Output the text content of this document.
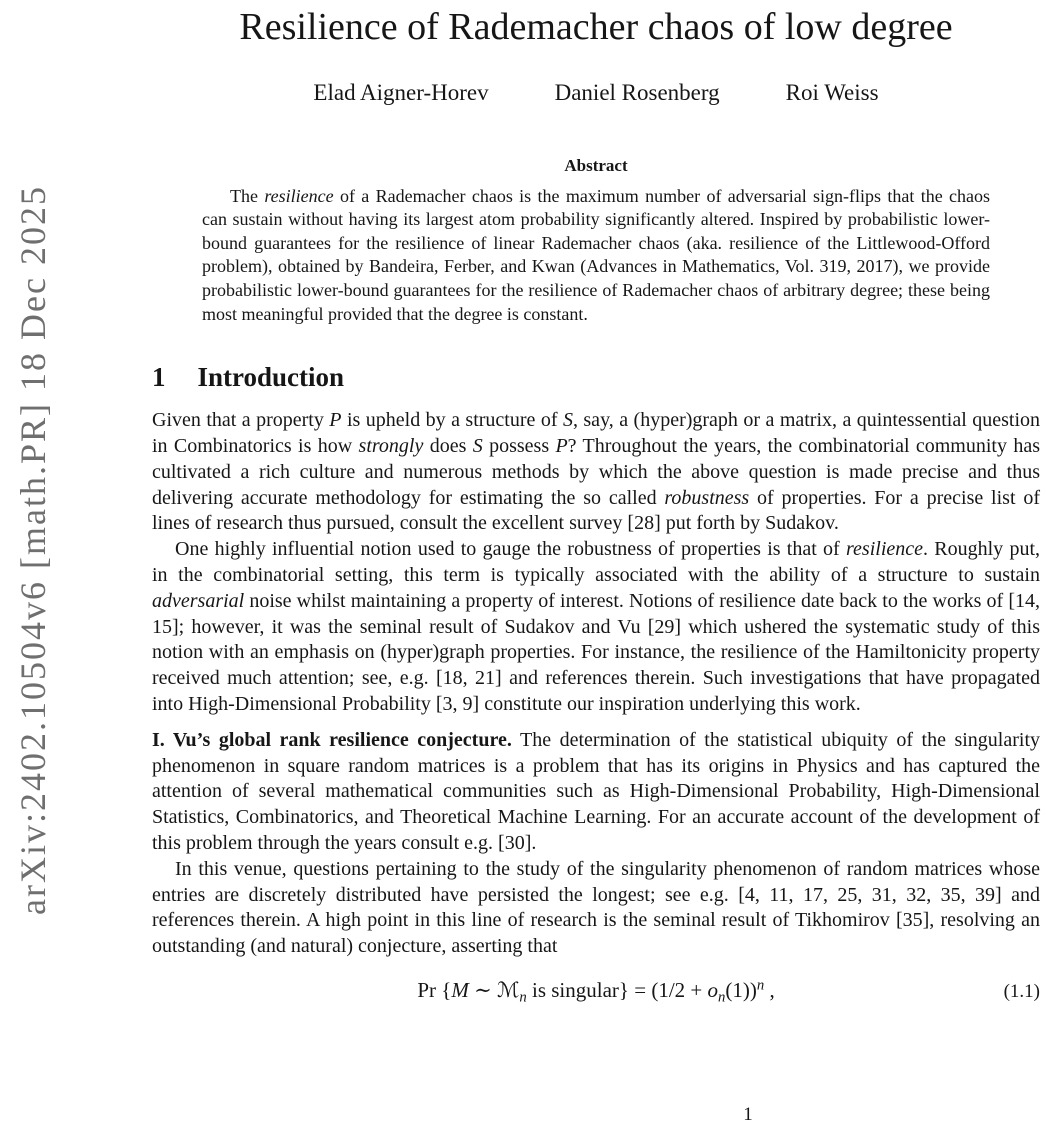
arXiv:2402.10504v6 [math.PR] 18 Dec 2025
Resilience of Rademacher chaos of low degree
Elad Aigner-Horev	Daniel Rosenberg	Roi Weiss
Abstract

The resilience of a Rademacher chaos is the maximum number of adversarial sign-flips that the chaos can sustain without having its largest atom probability significantly altered. Inspired by probabilistic lower-bound guarantees for the resilience of linear Rademacher chaos (aka. resilience of the Littlewood-Offord problem), obtained by Bandeira, Ferber, and Kwan (Advances in Mathematics, Vol. 319, 2017), we provide probabilistic lower-bound guarantees for the resilience of Rademacher chaos of arbitrary degree; these being most meaningful provided that the degree is constant.

1 Introduction

Given that a property P is upheld by a structure of S, say, a (hyper)graph or a matrix, a quintessential question in Combinatorics is how strongly does S possess P? Throughout the years, the combinatorial community has cultivated a rich culture and numerous methods by which the above question is made precise and thus delivering accurate methodology for estimating the so called robustness of properties. For a precise list of lines of research thus pursued, consult the excellent survey [28] put forth by Sudakov.

One highly influential notion used to gauge the robustness of properties is that of resilience. Roughly put, in the combinatorial setting, this term is typically associated with the ability of a structure to sustain adversarial noise whilst maintaining a property of interest. Notions of resilience date back to the works of [14, 15]; however, it was the seminal result of Sudakov and Vu [29] which ushered the systematic study of this notion with an emphasis on (hyper)graph properties. For instance, the resilience of the Hamiltonicity property received much attention; see, e.g. [18, 21] and references therein. Such investigations that have propagated into High-Dimensional Probability [3, 9] constitute our inspiration underlying this work.

I. Vu’s global rank resilience conjecture. The determination of the statistical ubiquity of the singularity phenomenon in square random matrices is a problem that has its origins in Physics and has captured the attention of several mathematical communities such as High-Dimensional Probability, High-Dimensional Statistics, Combinatorics, and Theoretical Machine Learning. For an accurate account of the development of this problem through the years consult e.g. [30].

In this venue, questions pertaining to the study of the singularity phenomenon of random matrices whose entries are discretely distributed have persisted the longest; see e.g. [4, 11, 17, 25, 31, 32, 35, 39] and references therein. A high point in this line of research is the seminal result of Tikhomirov [35], resolving an outstanding (and natural) conjecture, asserting that

Pr {M ∼ ℳ$_n$ is singular} = $(1/2 + o_n(1))^n$ ,	(1.1)
1
